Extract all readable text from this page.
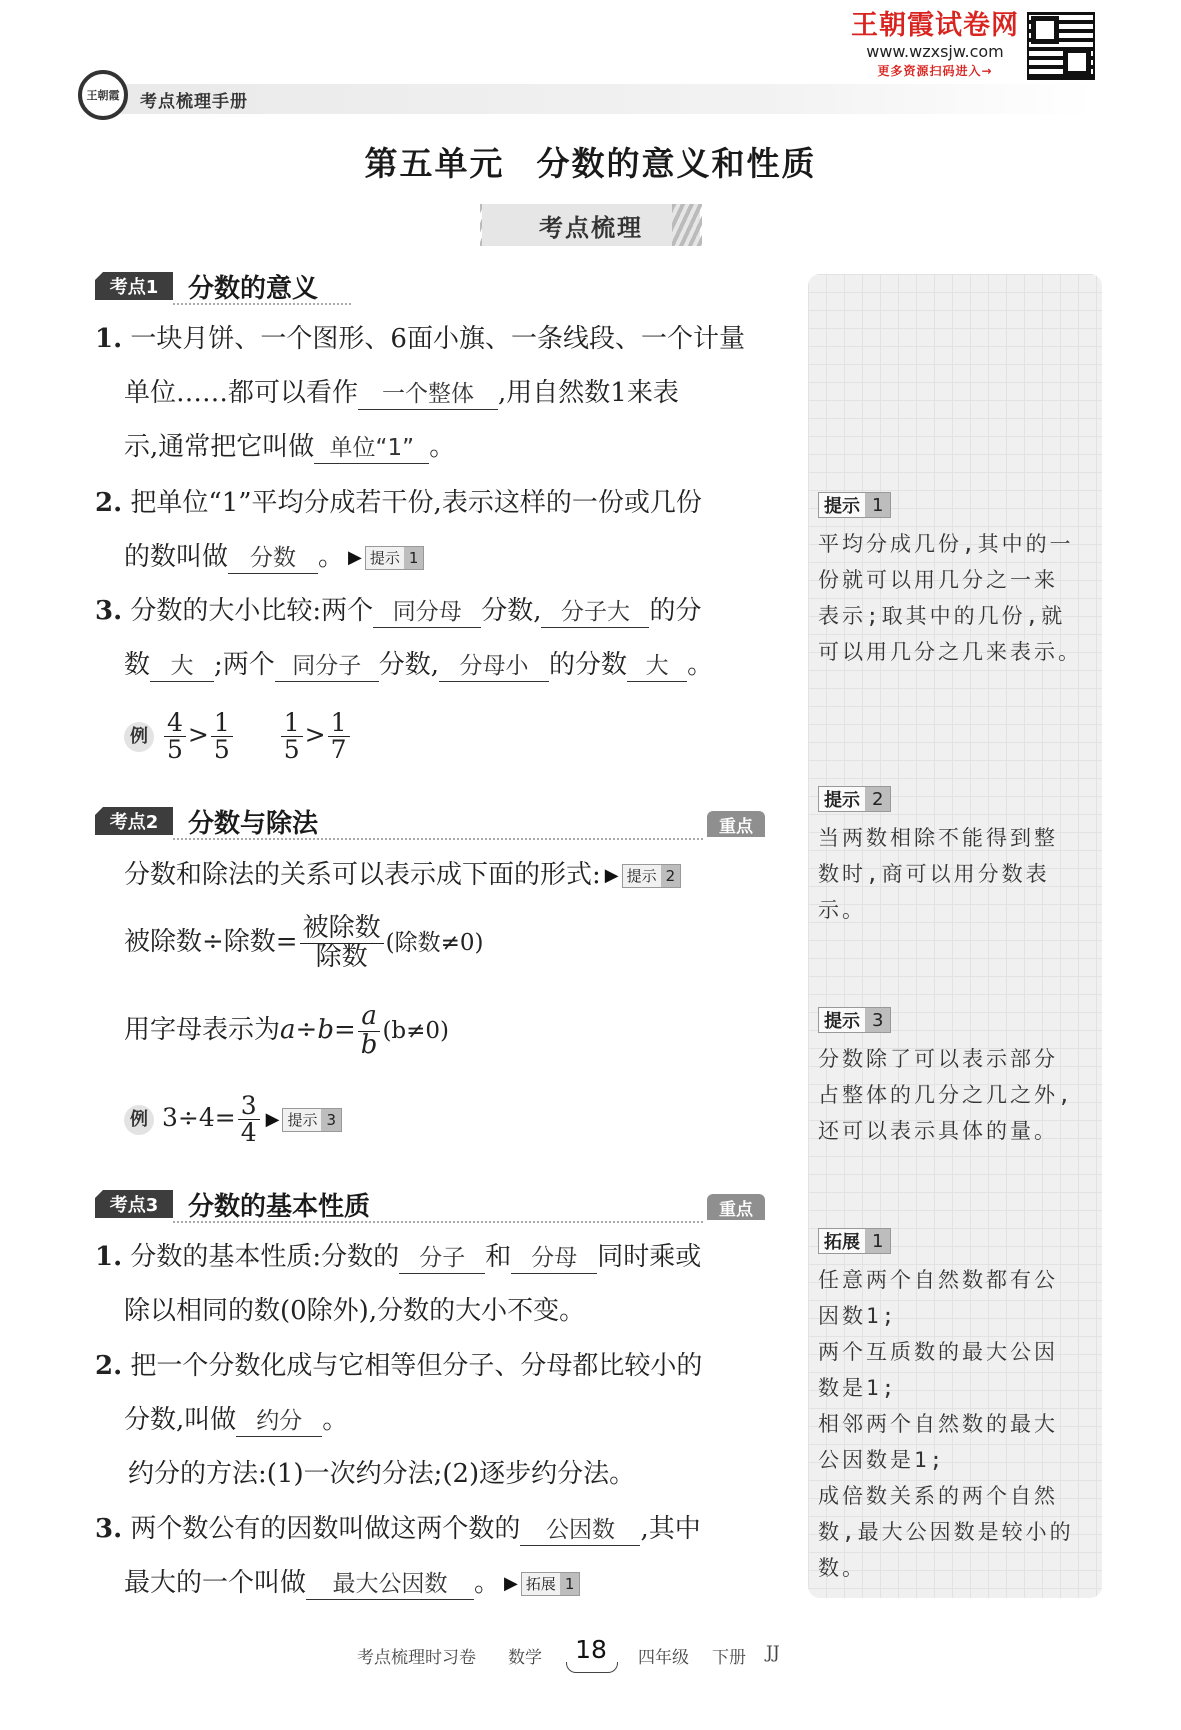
王朝霞 考点梳理手册
王朝霞试卷网
www.wzxsjw.com
更多资源扫码进入→
第五单元 分数的意义和性质
考点梳理
考点1	分数的意义
1. 一块月饼、一个图形、6面小旗、一条线段、一个计量
单位……都可以看作 一个整体 ,用自然数1来表
示,通常把它叫做 单位“1” 。
2. 把单位“1”平均分成若干份,表示这样的一份或几份
的数叫做 分数 。 ▶ 提示 1
3. 分数的大小比较:两个 同分母 分数, 分子大 的分
数 大 ;两个 同分子 分数, 分母小 的分数 大 。
例 $\frac{4}{5} > \frac{1}{5} \frac{1}{5} > \frac{1}{7}$
考点2	分数与除法	重点
分数和除法的关系可以表示成下面的形式: ▶ 提示 2
被除数÷除数= $\frac{\text{被除数}}{\text{除数}}$ (除数≠0)
用字母表示为$a\div b= \frac{a}{b} (b\ne 0)$
例 $3\div 4= \frac{3}{4}$ ▶ 提示 3
考点3	分数的基本性质	重点
1. 分数的基本性质:分数的 分子 和 分母 同时乘或
除以相同的数(0除外),分数的大小不变。
2. 把一个分数化成与它相等但分子、分母都比较小的
分数,叫做 约分 。
约分的方法:(1)一次约分法;(2)逐步约分法。
3. 两个数公有的因数叫做这两个数的 公因数 ,其中
最大的一个叫做 最大公因数 。 ▶ 拓展 1
提示 1
平均分成几份,其中的一
份就可以用几分之一来
表示;取其中的几份,就
可以用几分之几来表示。
提示 2
当两数相除不能得到整
数时,商可以用分数表
示。
提示 3
分数除了可以表示部分
占整体的几分之几之外,
还可以表示具体的量。
拓展 1
任意两个自然数都有公
因数1;
两个互质数的最大公因
数是1;
相邻两个自然数的最大
公因数是1;
成倍数关系的两个自然
数,最大公因数是较小的
数。
考点梳理时习卷 数学	18	四年级 下册 JJ
